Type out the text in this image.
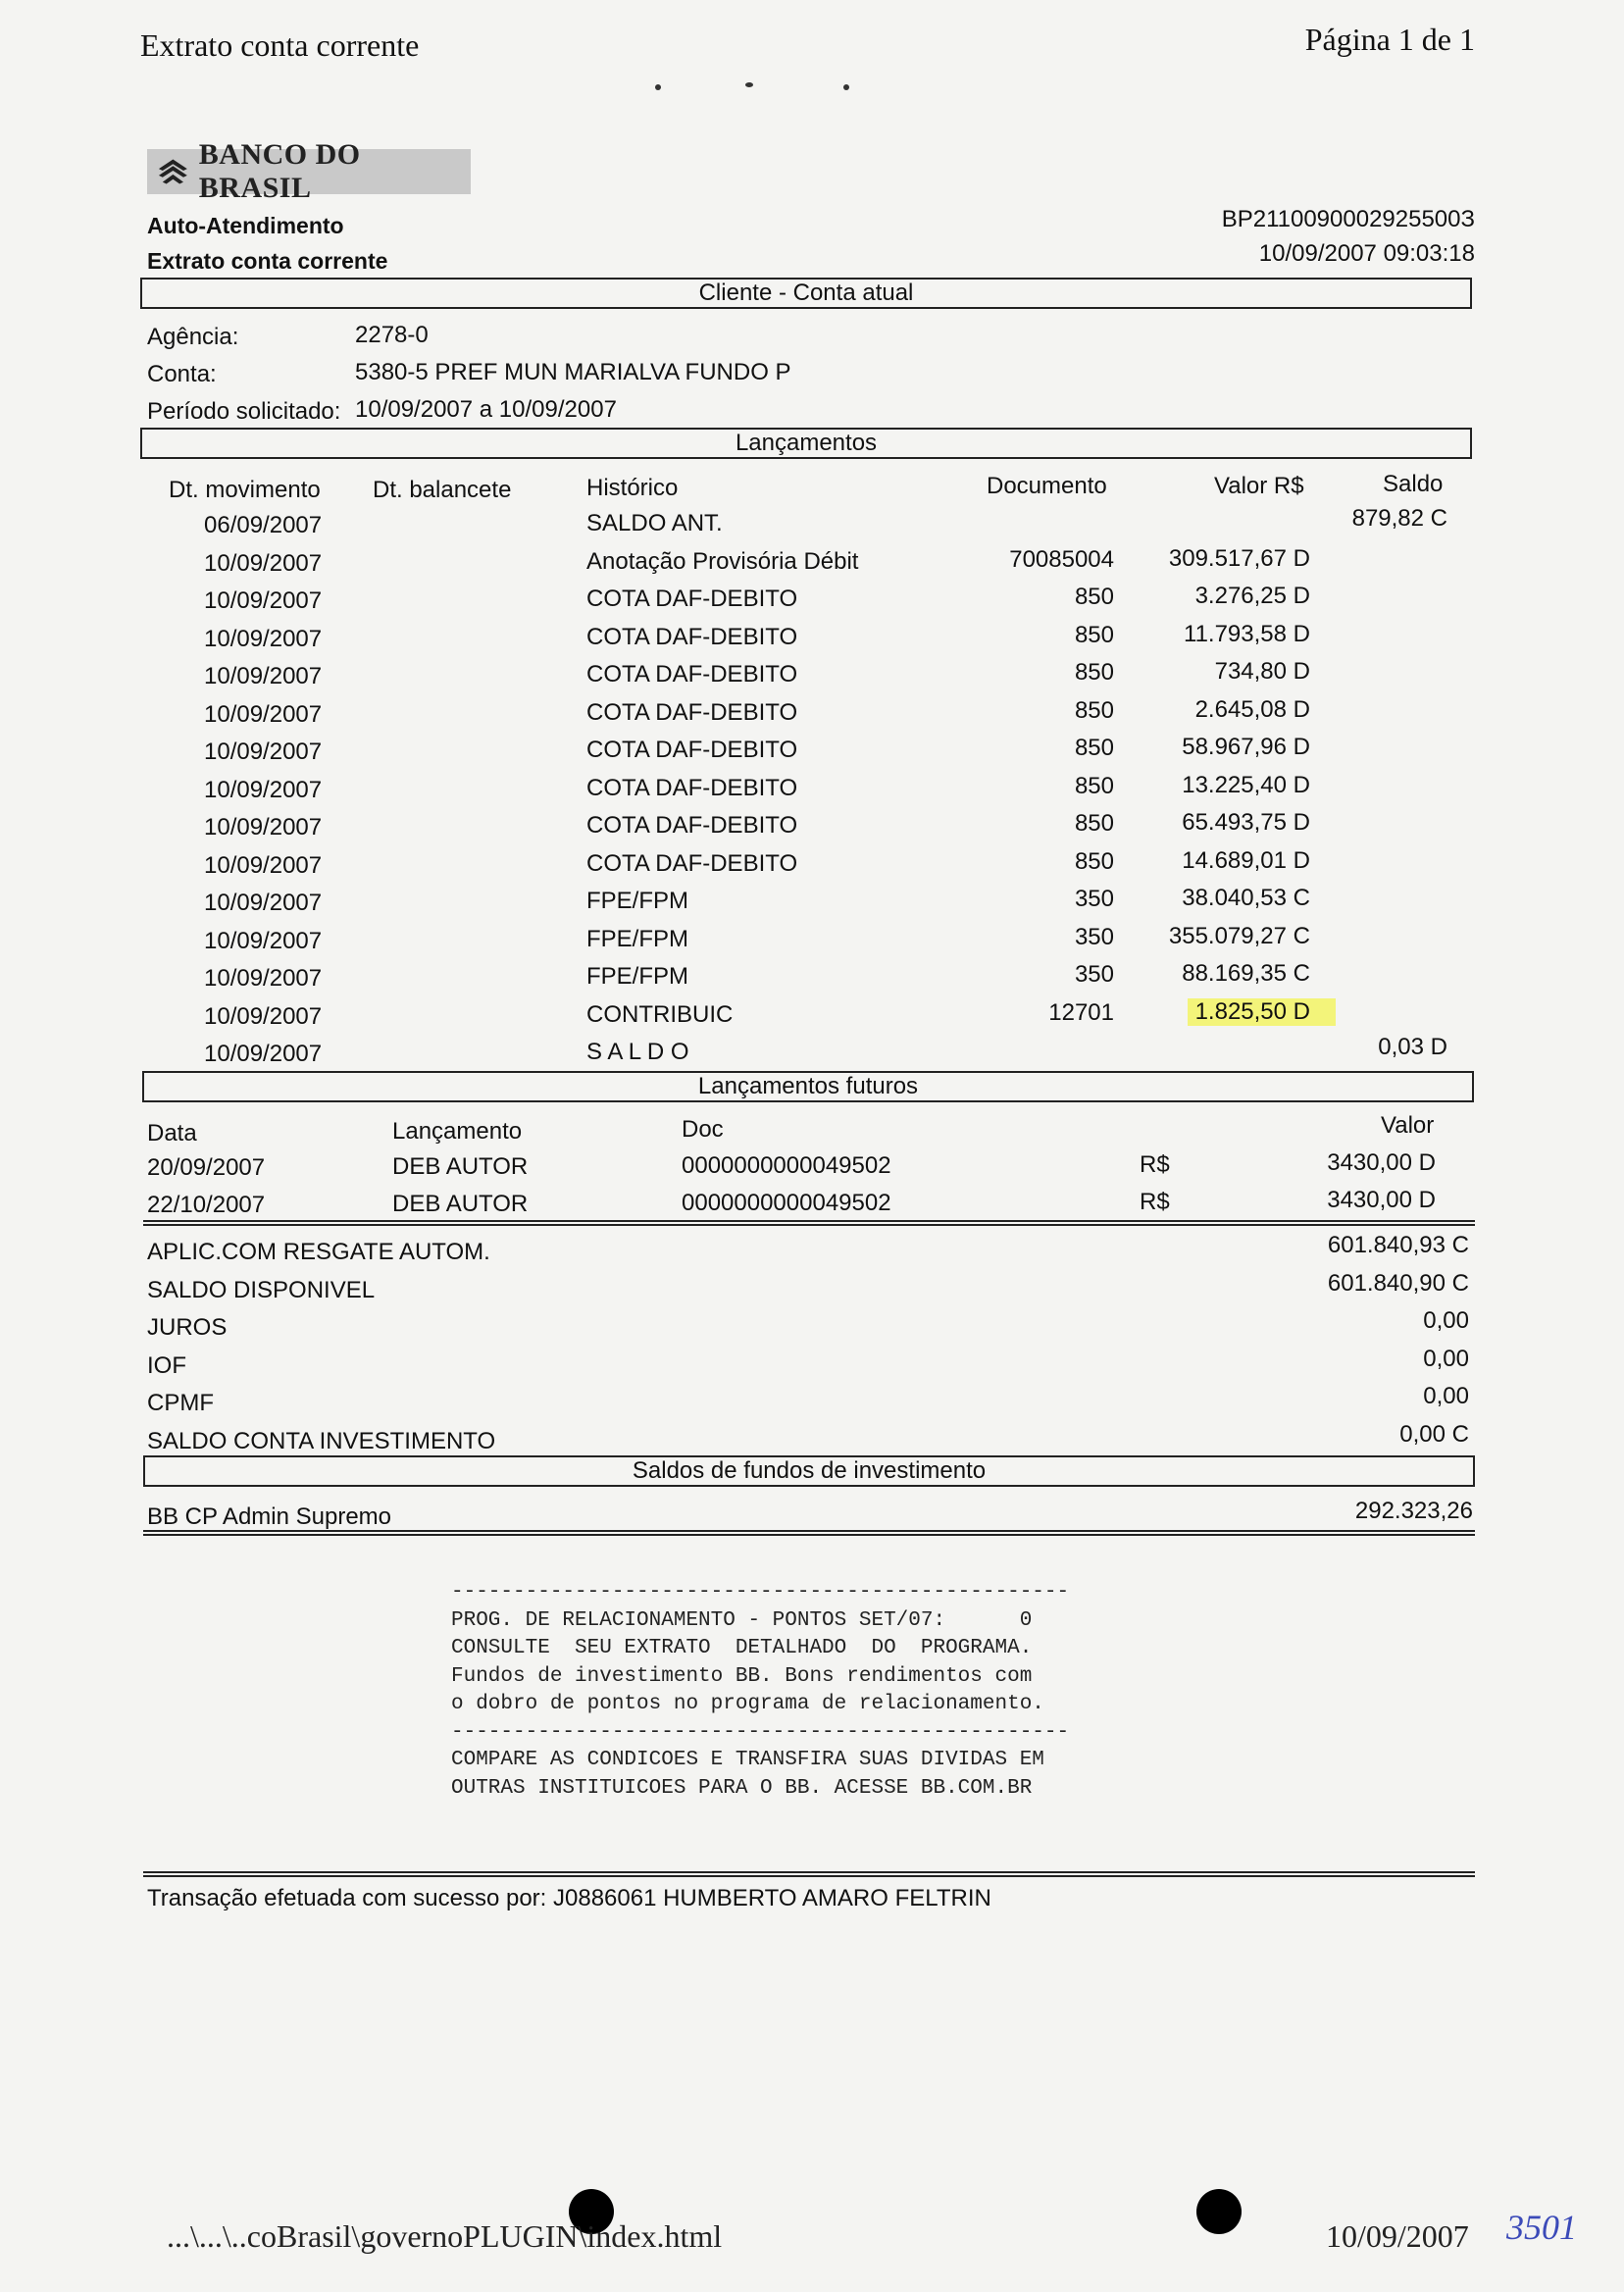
Extrato conta corrente	Página 1 de 1
BANCO DO BRASIL
Auto-Atendimento
Extrato conta corrente
BP2110090002925500З
10/09/2007 09:03:18
Cliente - Conta atual
Agência:	2278-0
Conta:	5380-5 PREF MUN MARIALVA FUNDO P
Período solicitado: 10/09/2007 a 10/09/2007
Lançamentos
Dt. movimento Dt. balancete	Histórico	Documento	Valor R$	Saldo
06/09/2007	SALDO ANT.	879,82 C
10/09/2007	Anotação Provisória Débit	70085004 309.517,67 D
10/09/2007	COTA DAF-DEBITO	850	3.276,25 D
10/09/2007	COTA DAF-DEBITO	850	11.793,58 D
10/09/2007	COTA DAF-DEBITO	850	734,80 D
10/09/2007	COTA DAF-DEBITO	850	2.645,08 D
10/09/2007	COTA DAF-DEBITO	850	58.967,96 D
10/09/2007	COTA DAF-DEBITO	850	13.225,40 D
10/09/2007	COTA DAF-DEBITO	850	65.493,75 D
10/09/2007	COTA DAF-DEBITO	850	14.689,01 D
10/09/2007	FPE/FPM	350	38.040,53 C
10/09/2007	FPE/FPM	350 355.079,27 C
10/09/2007	FPE/FPM	350	88.169,35 C
10/09/2007	CONTRIBUIC	12701	1.825,50 D
10/09/2007	S A L D O	0,03 D
Lançamentos futuros
Data	Lançamento	Doc	Valor
20/09/2007	DEB AUTOR	0000000000049502	R$	3430,00 D
22/10/2007	DEB AUTOR	0000000000049502	R$	3430,00 D
APLIC.COM RESGATE AUTOM.	601.840,93 C
SALDO DISPONIVEL	601.840,90 C
JUROS	0,00
IOF	0,00
CPMF	0,00
SALDO CONTA INVESTIMENTO	0,00 C
Saldos de fundos de investimento
BB CP Admin Supremo	292.323,26
--------------------------------------------------
PROG. DE RELACIONAMENTO - PONTOS SET/07:      0
CONSULTE  SEU EXTRATO  DETALHADO  DO  PROGRAMA.
Fundos de investimento BB. Bons rendimentos com
o dobro de pontos no programa de relacionamento.
--------------------------------------------------
COMPARE AS CONDICOES E TRANSFIRA SUAS DIVIDAS EM
OUTRAS INSTITUICOES PARA O BB. ACESSE BB.COM.BR
Transação efetuada com sucesso por: J0886061 HUMBERTO AMARO FELTRIN
...\...\..coBrasil\governoPLUGIN\index.html	10/09/2007 3501
